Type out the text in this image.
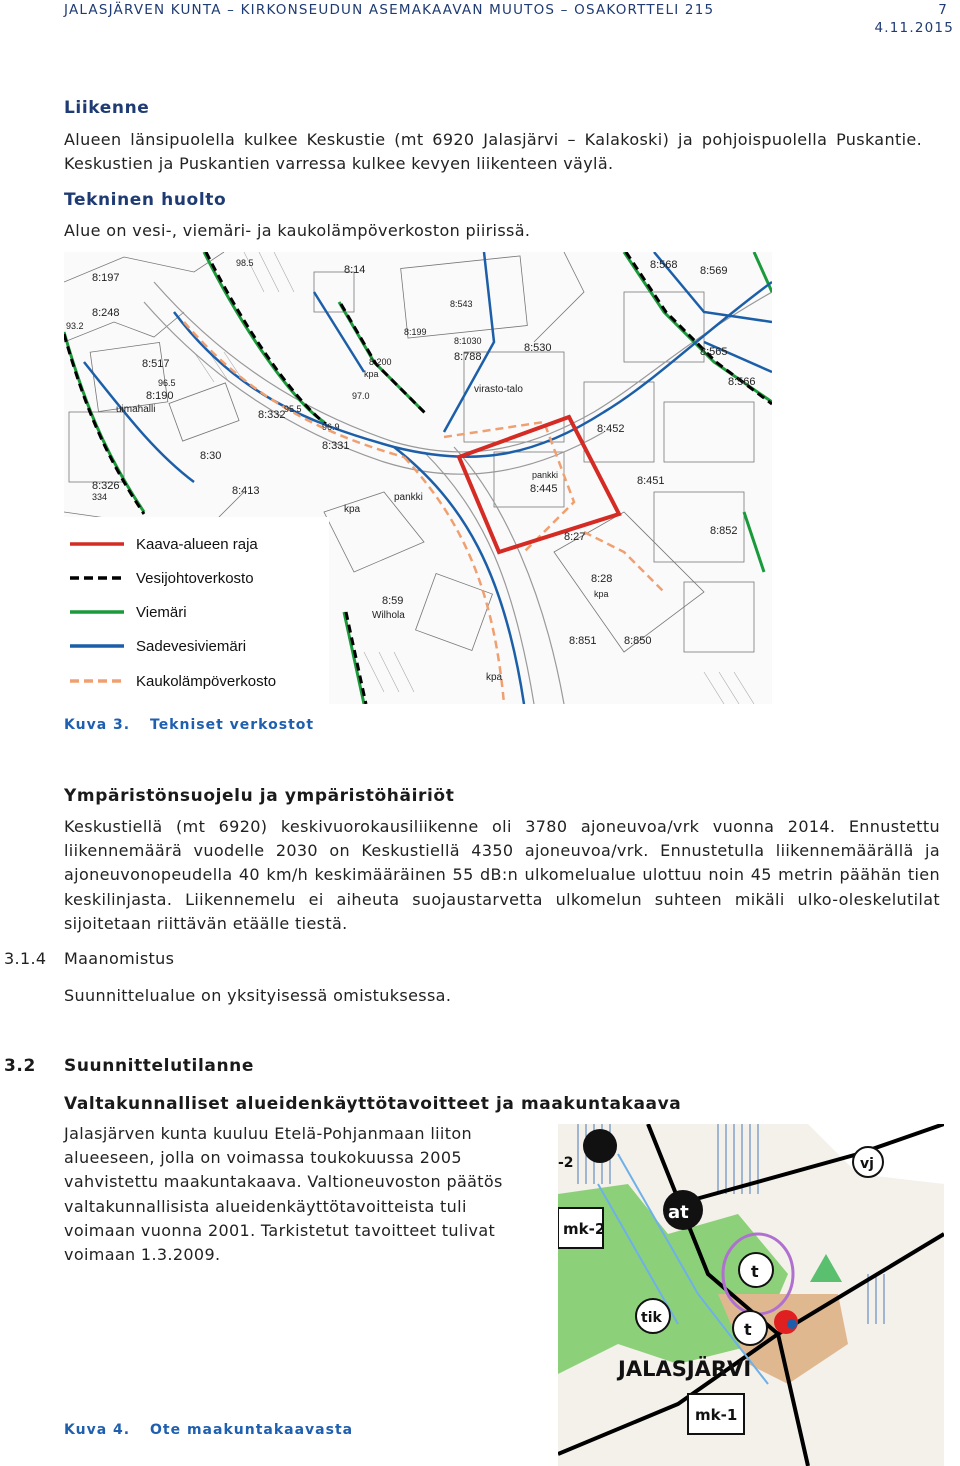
JALASJÄRVEN KUNTA – KIRKONSEUDUN ASEMAKAAVAN MUUTOS – OSAKORTTELI 215	7
4.11.2015
Liikenne
Alueen länsipuolella kulkee Keskustie (mt 6920 Jalasjärvi – Kalakoski) ja pohjoispuolella Puskantie. Keskustien ja Puskantien varressa kulkee kevyen liikenteen väylä.
Tekninen huolto
Alue on vesi-, viemäri- ja kaukolämpöverkoston piirissä.
Kaava-alueen raja
Vesijohtoverkosto
Viemäri
Sadevesiviemäri
Kaukolämpöverkosto
8:197
8:248
93.2
8:517
96.5
8:190
uimahalli
8:30
8:326
334	8:413
8:14
8:332
96.9
8:331
8:199
8:200
kpa
8:543
8:1030
8:788
8:530
virasto-talo
8:452
8:445
pankki	8:451
8:27	8:852
8:28
kpa
8:59
Wilhola
8:851 8:850
kpa
8:568 8:569
8:565
8:566
kpa
pankki
98.5
97.0
95.5
Kuva 3. Tekniset verkostot
Ympäristönsuojelu ja ympäristöhäiriöt
Keskustiellä (mt 6920) keskivuorokausiliikenne oli 3780 ajoneuvoa/vrk vuonna 2014. Ennustettu liikennemäärä vuodelle 2030 on Keskustiellä 4350 ajoneuvoa/vrk. Ennustetulla liikennemäärällä ja ajoneuvonopeudella 40 km/h keskimääräinen 55 dB:n ulkomelualue ulottuu noin 45 metrin päähän tien keskilinjasta. Liikennemelu ei aiheuta suojaustarvetta ulkomelun suhteen mikäli ulko-oleskelutilat sijoitetaan riittävän etäälle tiestä.
3.1.4 Maanomistus
Suunnittelualue on yksityisessä omistuksessa.
3.2 Suunnittelutilanne
Valtakunnalliset alueidenkäyttötavoitteet ja maakuntakaava
Jalasjärven kunta kuuluu Etelä-Pohjanmaan liiton alueeseen, jolla on voimassa toukokuussa 2005 vahvistettu maakuntakaava. Valtioneuvoston päätös valtakunnallisista alueidenkäyttötavoitteista tuli voimaan vuonna 2001. Tarkistetut tavoitteet tulivat voimaan 1.3.2009.
mk-2
at
vj
t
tik
t
JALASJÄRVI
mk-1
-2
Kuva 4. Ote maakuntakaavasta
